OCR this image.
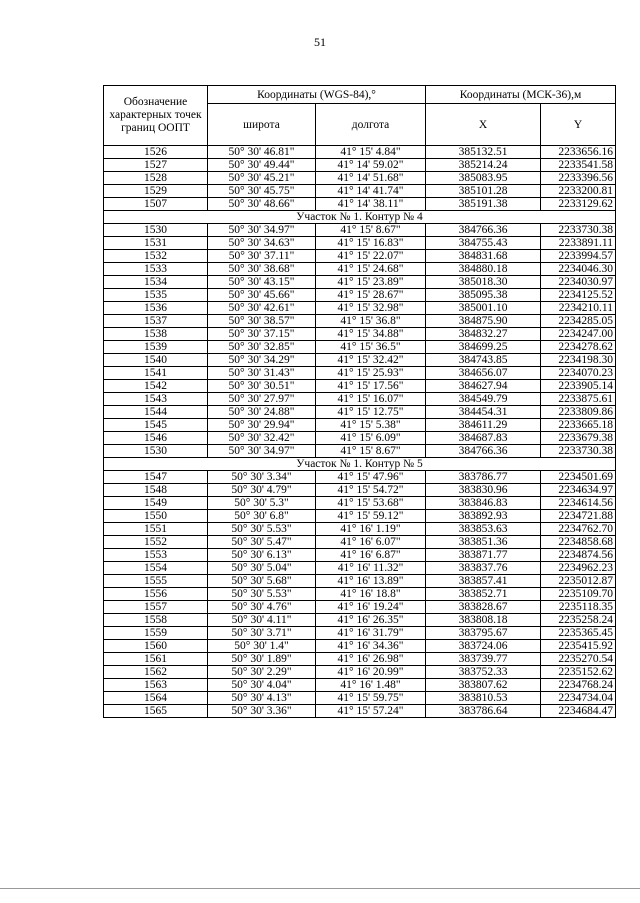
51
Обозначение характерных точек границ ООПТ	Координаты (WGS-84),°		Координаты (МСК-36),м	
	широта	долгота	X	Y
1526	50° 30' 46.81"	41° 15' 4.84"	385132.51	2233656.16
1527	50° 30' 49.44"	41° 14' 59.02"	385214.24	2233541.58
1528	50° 30' 45.21"	41° 14' 51.68"	385083.95	2233396.56
1529	50° 30' 45.75"	41° 14' 41.74"	385101.28	2233200.81
1507	50° 30' 48.66"	41° 14' 38.11"	385191.38	2233129.62
Участок № 1. Контур № 4				
1530	50° 30' 34.97"	41° 15' 8.67"	384766.36	2233730.38
1531	50° 30' 34.63"	41° 15' 16.83"	384755.43	2233891.11
1532	50° 30' 37.11"	41° 15' 22.07"	384831.68	2233994.57
1533	50° 30' 38.68"	41° 15' 24.68"	384880.18	2234046.30
1534	50° 30' 43.15"	41° 15' 23.89"	385018.30	2234030.97
1535	50° 30' 45.66"	41° 15' 28.67"	385095.38	2234125.52
1536	50° 30' 42.61"	41° 15' 32.98"	385001.10	2234210.11
1537	50° 30' 38.57"	41° 15' 36.8"	384875.90	2234285.05
1538	50° 30' 37.15"	41° 15' 34.88"	384832.27	2234247.00
1539	50° 30' 32.85"	41° 15' 36.5"	384699.25	2234278.62
1540	50° 30' 34.29"	41° 15' 32.42"	384743.85	2234198.30
1541	50° 30' 31.43"	41° 15' 25.93"	384656.07	2234070.23
1542	50° 30' 30.51"	41° 15' 17.56"	384627.94	2233905.14
1543	50° 30' 27.97"	41° 15' 16.07"	384549.79	2233875.61
1544	50° 30' 24.88"	41° 15' 12.75"	384454.31	2233809.86
1545	50° 30' 29.94"	41° 15' 5.38"	384611.29	2233665.18
1546	50° 30' 32.42"	41° 15' 6.09"	384687.83	2233679.38
1530	50° 30' 34.97"	41° 15' 8.67"	384766.36	2233730.38
Участок № 1. Контур № 5				
1547	50° 30' 3.34"	41° 15' 47.96"	383786.77	2234501.69
1548	50° 30' 4.79"	41° 15' 54.72"	383830.96	2234634.97
1549	50° 30' 5.3"	41° 15' 53.68"	383846.83	2234614.56
1550	50° 30' 6.8"	41° 15' 59.12"	383892.93	2234721.88
1551	50° 30' 5.53"	41° 16' 1.19"	383853.63	2234762.70
1552	50° 30' 5.47"	41° 16' 6.07"	383851.36	2234858.68
1553	50° 30' 6.13"	41° 16' 6.87"	383871.77	2234874.56
1554	50° 30' 5.04"	41° 16' 11.32"	383837.76	2234962.23
1555	50° 30' 5.68"	41° 16' 13.89"	383857.41	2235012.87
1556	50° 30' 5.53"	41° 16' 18.8"	383852.71	2235109.70
1557	50° 30' 4.76"	41° 16' 19.24"	383828.67	2235118.35
1558	50° 30' 4.11"	41° 16' 26.35"	383808.18	2235258.24
1559	50° 30' 3.71"	41° 16' 31.79"	383795.67	2235365.45
1560	50° 30' 1.4"	41° 16' 34.36"	383724.06	2235415.92
1561	50° 30' 1.89"	41° 16' 26.98"	383739.77	2235270.54
1562	50° 30' 2.29"	41° 16' 20.99"	383752.33	2235152.62
1563	50° 30' 4.04"	41° 16' 1.48"	383807.62	2234768.24
1564	50° 30' 4.13"	41° 15' 59.75"	383810.53	2234734.04
1565	50° 30' 3.36"	41° 15' 57.24"	383786.64	2234684.47
